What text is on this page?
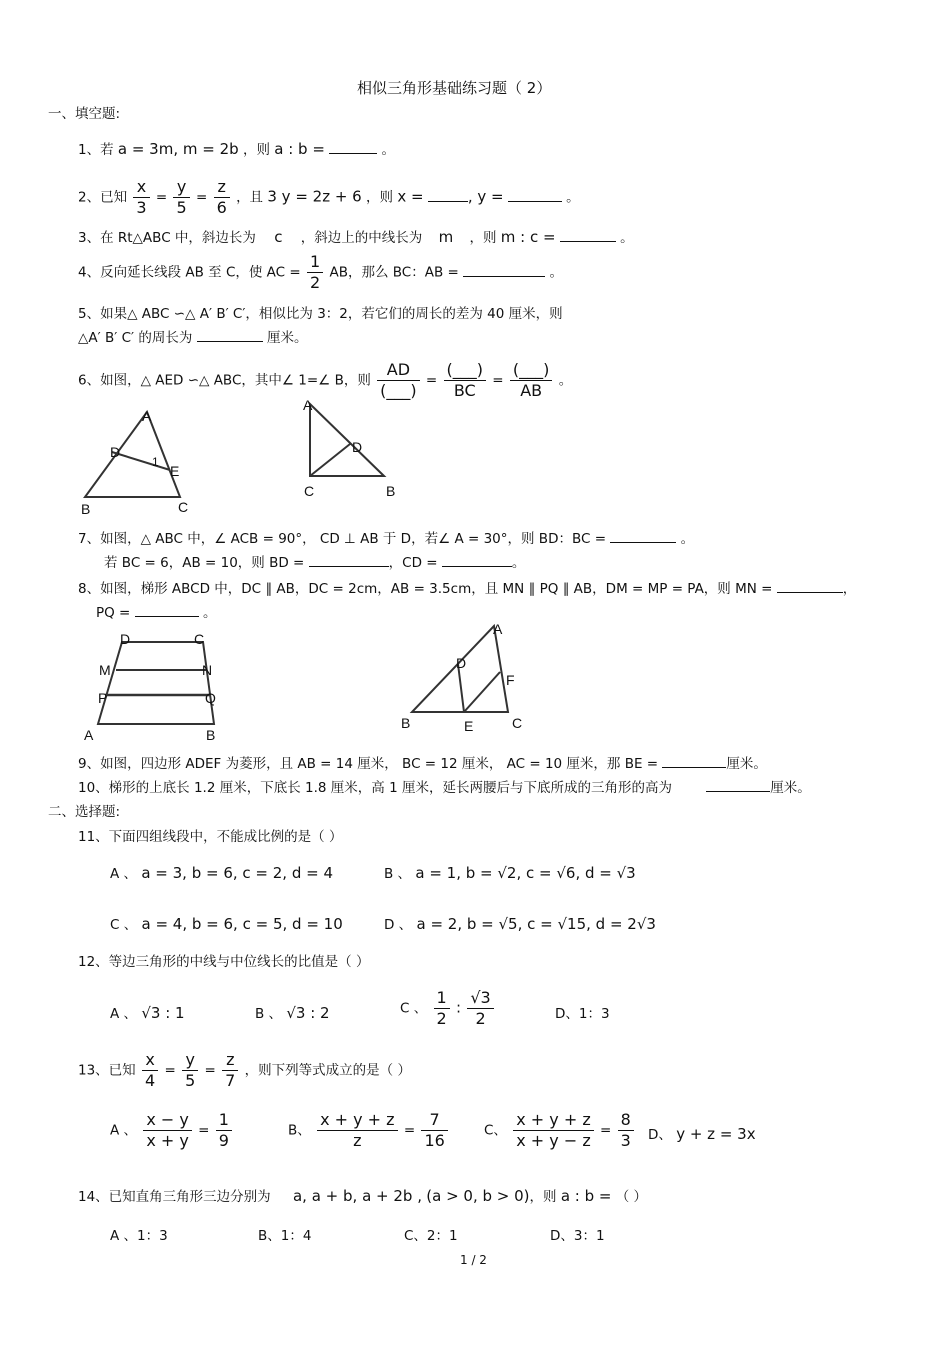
相似三角形基础练习题（ 2）
一、填空题:
1、若 a = 3m, m = 2b ，则 a : b =	。
2、已知 $\frac{x}{3} = \frac{y}{5} = \frac{z}{6}$ ，且 3 y = 2z + 6 ，则 x =	, y =	。
3、在 Rt△ABC 中，斜边长为 c ，斜边上的中线长为 m ，则 m : c =	。
4、反向延长线段 AB 至 C，使 AC = $\frac{1}{2}$ AB，那么 BC：AB =	。
5、如果△ ABC ∽△ A′ B′ C′，相似比为 3：2，若它们的周长的差为 40 厘米，则
△A′ B′ C′ 的周长为	厘米。
6、如图，△ AED ∽△ ABC，其中∠ 1=∠ B，则 $\frac{AD}{(\_\_\_)} = \frac{(\_\_\_)}{BC} = \frac{(\_\_\_)}{AB}$ 。
A
D
1
E
B	C
A
D
C	B
7、如图，△ ABC 中，∠ ACB = 90°， CD ⊥ AB 于 D，若∠ A = 30°，则 BD：BC =	。
若 BC = 6，AB = 10，则 BD =	，CD =	。
8、如图，梯形 ABCD 中，DC ∥ AB，DC = 2cm，AB = 3.5cm，且 MN ∥ PQ ∥ AB，DM = MP = PA，则 MN =	，
PQ =	。
D	C
M	N
P	Q
A	B
A
D
F
B	E	C
9、如图，四边形 ADEF 为菱形，且 AB = 14 厘米， BC = 12 厘米， AC = 10 厘米，那 BE =	厘米。
10、梯形的上底长 1.2 厘米，下底长 1.8 厘米，高 1 厘米，延长两腰后与下底所成的三角形的高为	厘米。
二、选择题:
11、下面四组线段中，不能成比例的是（ ）
A 、 a = 3, b = 6, c = 2, d = 4	B 、 a = 1, b = √2, c = √6, d = √3
C 、 a = 4, b = 6, c = 5, d = 10	D 、 a = 2, b = √5, c = √15, d = 2√3
12、等边三角形的中线与中位线长的比值是（ ）
A 、 √3 : 1	B 、 √3 : 2	C 、 $\frac{1}{2}$ : $\frac{√3}{2}$	D、1：3
13、已知 $\frac{x}{4} = \frac{y}{5} = \frac{z}{7}$ ，则下列等式成立的是（ ）
A 、 $\frac{x - y}{x + y} = \frac{1}{9}$	B、 $\frac{x + y + z}{z} = \frac{7}{16}$	C、 $\frac{x + y + z}{x + y - z} = \frac{8}{3}$ D、 y + z = 3x
14、已知直角三角形三边分别为 a, a + b, a + 2b , (a > 0, b > 0)，则 a : b = （ ）
A 、1：3	B、1：4	C、2：1	D、3：1
1 / 2
